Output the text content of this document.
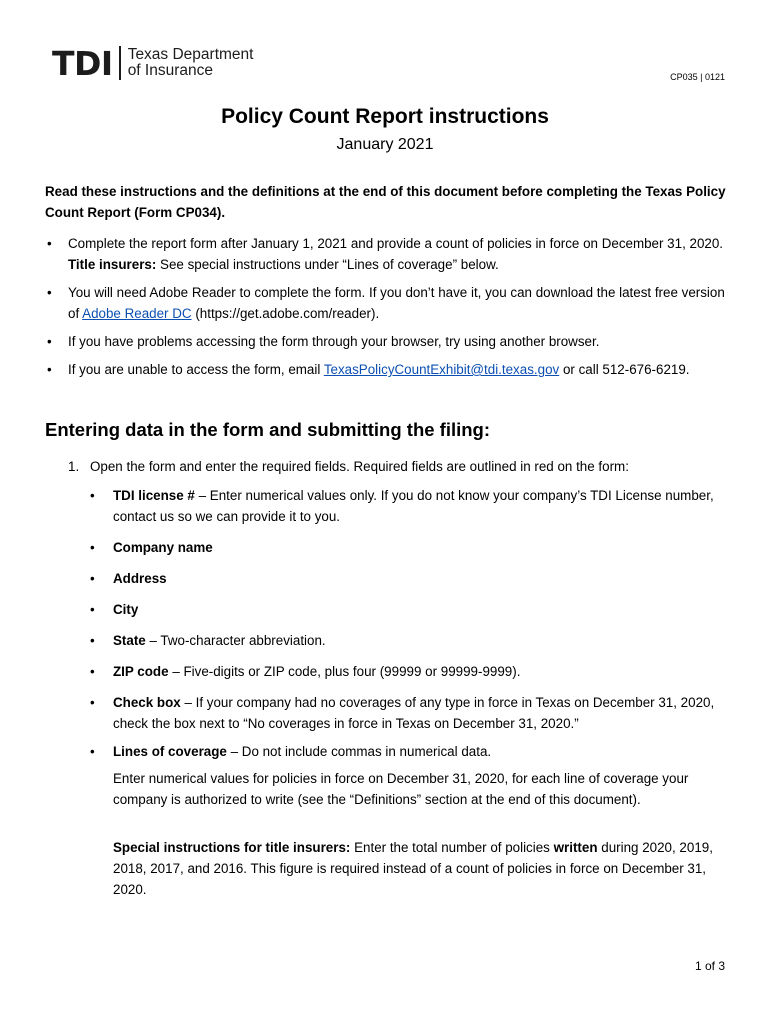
TDI Texas Department
of Insurance	CP035 | 0121
Policy Count Report instructions
January 2021

Read these instructions and the definitions at the end of this document before completing the Texas Policy Count Report (Form CP034).

• Complete the report form after January 1, 2021 and provide a count of policies in force on December 31, 2020. Title insurers: See special instructions under “Lines of coverage” below.
• You will need Adobe Reader to complete the form. If you don’t have it, you can download the latest free version of Adobe Reader DC (https://get.adobe.com/reader).
• If you have problems accessing the form through your browser, try using another browser.
• If you are unable to access the form, email TexasPolicyCountExhibit@tdi.texas.gov or call 512-676-6219.
Entering data in the form and submitting the filing:
1. Open the form and enter the required fields. Required fields are outlined in red on the form:
• TDI license # – Enter numerical values only. If you do not know your company’s TDI License number, contact us so we can provide it to you.
• Company name
• Address
• City
• State – Two-character abbreviation.
• ZIP code – Five-digits or ZIP code, plus four (99999 or 99999-9999).
• Check box – If your company had no coverages of any type in force in Texas on December 31, 2020, check the box next to “No coverages in force in Texas on December 31, 2020.”
• Lines of coverage – Do not include commas in numerical data.

Enter numerical values for policies in force on December 31, 2020, for each line of coverage your company is authorized to write (see the “Definitions” section at the end of this document).

Special instructions for title insurers: Enter the total number of policies written during 2020, 2019, 2018, 2017, and 2016. This figure is required instead of a count of policies in force on December 31, 2020.

1 of 3
